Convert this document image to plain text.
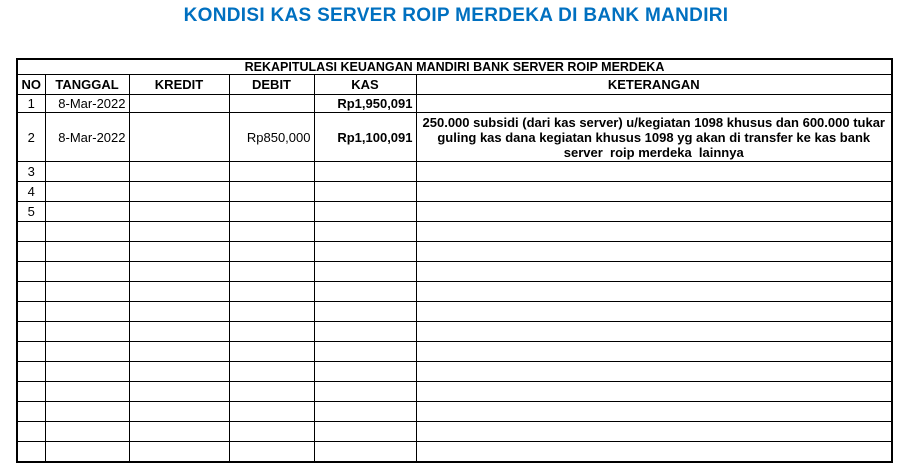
KONDISI KAS SERVER ROIP MERDEKA DI BANK MANDIRI
REKAPITULASI KEUANGAN MANDIRI BANK SERVER ROIP MERDEKA					
NO	TANGGAL	KREDIT	DEBIT	KAS	KETERANGAN
1	8-Mar-2022			Rp1,950,091	
2	8-Mar-2022		Rp850,000	Rp1,100,091	250.000 subsidi (dari kas server) u/kegiatan 1098 khusus dan 600.000 tukar guling kas dana kegiatan khusus 1098 yg akan di transfer ke kas bank server  roip merdeka  lainnya
3					
4					
5					
